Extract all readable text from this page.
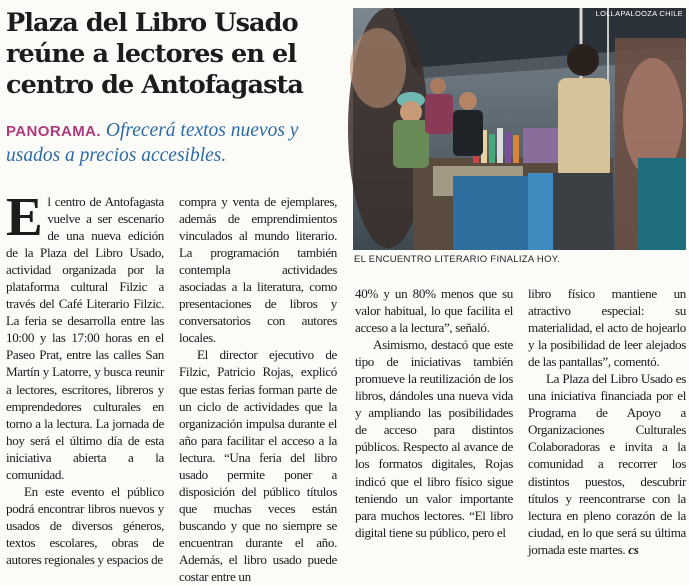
Plaza del Libro Usado reúne a lectores en el centro de Antofagasta
PANORAMA. Ofrecerá textos nuevos y usados a precios accesibles.
LOLLAPALOOZA CHILE
EL ENCUENTRO LITERARIO FINALIZA HOY.

El centro de Antofagasta vuelve a ser escenario de una nueva edición de la Plaza del Libro Usado, actividad organizada por la plataforma cultural Filzic a través del Café Literario Filzic. La feria se desarrolla entre las 10:00 y las 17:00 horas en el Paseo Prat, entre las calles San Martín y Latorre, y busca reunir a lectores, escritores, libreros y emprendedores culturales en torno a la lectura. La jornada de hoy será el último día de esta iniciativa abierta a la comunidad.

En este evento el público podrá encontrar libros nuevos y usados de diversos géneros, textos escolares, obras de autores regionales y espacios de

compra y venta de ejemplares, además de emprendimientos vinculados al mundo literario. La programación también contempla actividades asociadas a la literatura, como presentaciones de libros y conversatorios con autores locales.

El director ejecutivo de Filzic, Patricio Rojas, explicó que estas ferias forman parte de un ciclo de actividades que la organización impulsa durante el año para facilitar el acceso a la lectura. “Una feria del libro usado permite poner a disposición del público títulos que muchas veces están buscando y que no siempre se encuentran durante el año. Además, el libro usado puede costar entre un

40% y un 80% menos que su valor habitual, lo que facilita el acceso a la lectura”, señaló.

Asimismo, destacó que este tipo de iniciativas también promueve la reutilización de los libros, dándoles una nueva vida y ampliando las posibilidades de acceso para distintos públicos. Respecto al avance de los formatos digitales, Rojas indicó que el libro físico sigue teniendo un valor importante para muchos lectores. “El libro digital tiene su público, pero el

libro físico mantiene un atractivo especial: su materialidad, el acto de hojearlo y la posibilidad de leer alejados de las pantallas”, comentó.

La Plaza del Libro Usado es una iniciativa financiada por el Programa de Apoyo a Organizaciones Culturales Colaboradoras e invita a la comunidad a recorrer los distintos puestos, descubrir títulos y reencontrarse con la lectura en pleno corazón de la ciudad, en lo que será su última jornada este martes. cs
